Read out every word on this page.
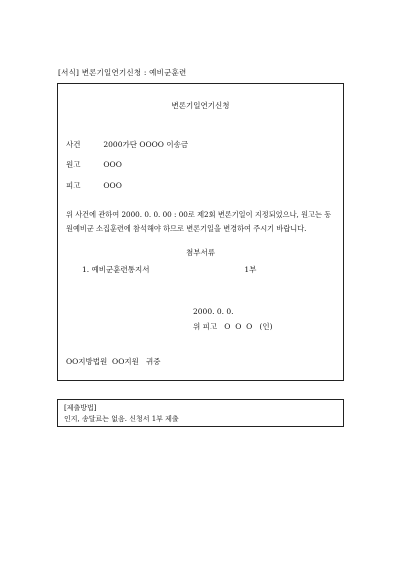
[서식] 변론기일연기신청 : 예비군훈련
변론기일연기신청
사건	2000가단 OOOO 이송금
원고	OOO
피고	OOO
위 사건에 관하여 2000. 0. 0. 00 : 00로 제2회 변론기일이 지정되었으나, 원고는 동원예비군 소집훈련에 참석해야 하므로 변론기일을 변경하여 주시기 바랍니다.
첨부서류
1. 예비군훈련통지서	1부
2000. 0. 0.
위 피고   O  O  O   (인)
OO지방법원  OO지원   귀중
[제출방법]
인지, 송달료는 없음. 신청서 1부 제출
